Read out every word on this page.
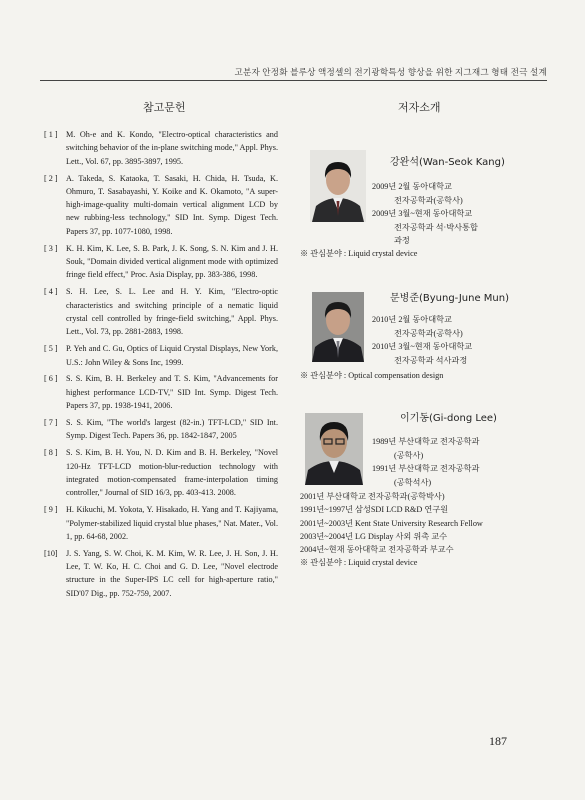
고분자 안정화 블루상 액정셀의 전기광학특성 향상을 위한 지그재그 형태 전극 설계
참고문헌	저자소개
[ 1 ] M. Oh-e and K. Kondo, "Electro-optical characteristics and switching behavior of the in-plane switching mode," Appl. Phys. Lett., Vol. 67, pp. 3895-3897, 1995.
[ 2 ] A. Takeda, S. Kataoka, T. Sasaki, H. Chida, H. Tsuda, K. Ohmuro, T. Sasabayashi, Y. Koike and K. Okamoto, "A super-high-image-quality multi-domain vertical alignment LCD by new rubbing-less technology," SID Int. Symp. Digest Tech. Papers 37, pp. 1077-1080, 1998.
[ 3 ] K. H. Kim, K. Lee, S. B. Park, J. K. Song, S. N. Kim and J. H. Souk, "Domain divided vertical alignment mode with optimized fringe field effect," Proc. Asia Display, pp. 383-386, 1998.
[ 4 ] S. H. Lee, S. L. Lee and H. Y. Kim, "Electro-optic characteristics and switching principle of a nematic liquid crystal cell controlled by fringe-field switching," Appl. Phys. Lett., Vol. 73, pp. 2881-2883, 1998.
[ 5 ] P. Yeh and C. Gu, Optics of Liquid Crystal Displays, New York, U.S.: John Wiley & Sons Inc, 1999.
[ 6 ] S. S. Kim, B. H. Berkeley and T. S. Kim, "Advancements for highest performance LCD-TV," SID Int. Symp. Digest Tech. Papers 37, pp. 1938-1941, 2006.
[ 7 ] S. S. Kim, "The world's largest (82-in.) TFT-LCD," SID Int. Symp. Digest Tech. Papers 36, pp. 1842-1847, 2005
[ 8 ] S. S. Kim, B. H. You, N. D. Kim and B. H. Berkeley, "Novel 120-Hz TFT-LCD motion-blur-reduction technology with integrated motion-compensated frame-interpolation timing controller," Journal of SID 16/3, pp. 403-413. 2008.
[ 9 ] H. Kikuchi, M. Yokota, Y. Hisakado, H. Yang and T. Kajiyama, "Polymer-stabilized liquid crystal blue phases," Nat. Mater., Vol. 1, pp. 64-68, 2002.
[10] J. S. Yang, S. W. Choi, K. M. Kim, W. R. Lee, J. H. Son, J. H. Lee, T. W. Ko, H. C. Choi and G. D. Lee, "Novel electrode structure in the Super-IPS LC cell for high-aperture ratio," SID'07 Dig., pp. 752-759, 2007.
강완석(Wan-Seok Kang)
2009년 2월 동아대학교
전자공학과(공학사)
2009년 3월~현재 동아대학교
전자공학과 석·박사통합
과정
※ 관심분야 : Liquid crystal device
문병준(Byung-June Mun)
2010년 2월 동아대학교
전자공학과(공학사)
2010년 3월~현재 동아대학교
전자공학과 석사과정
※ 관심분야 : Optical compensation design
이기동(Gi-dong Lee)
1989년 부산대학교 전자공학과
(공학사)
1991년 부산대학교 전자공학과
(공학석사)
2001년 부산대학교 전자공학과(공학박사)
1991년~1997년 삼성SDI LCD R&D 연구원
2001년~2003년 Kent State University Research Fellow
2003년~2004년 LG Display 사외 위촉 교수
2004년~현재 동아대학교 전자공학과 부교수
※ 관심분야 : Liquid crystal device
187
